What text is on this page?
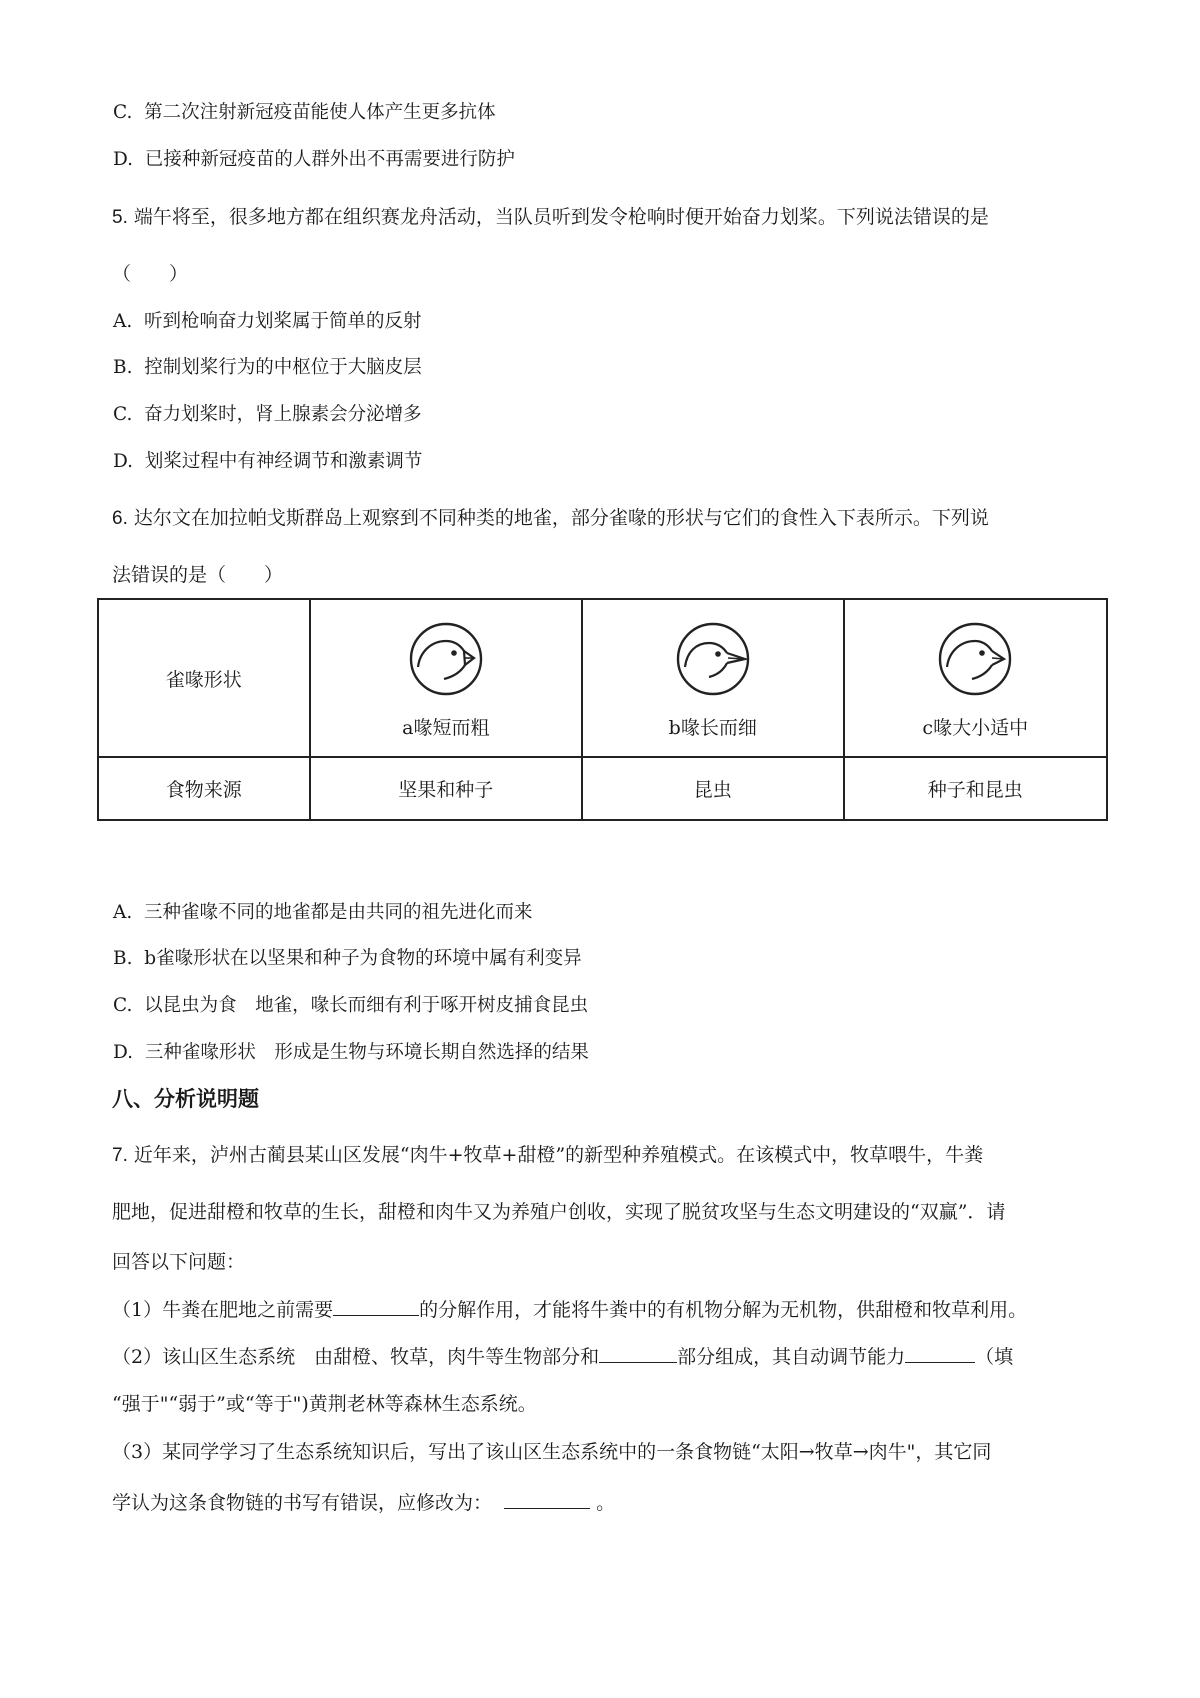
C. 第二次注射新冠疫苗能使人体产生更多抗体
D. 已接种新冠疫苗的人群外出不再需要进行防护
5. 端午将至，很多地方都在组织赛龙舟活动，当队员听到发令枪响时便开始奋力划桨。下列说法错误的是
（　　）
A. 听到枪响奋力划桨属于简单的反射
B. 控制划桨行为的中枢位于大脑皮层
C. 奋力划桨时，肾上腺素会分泌增多
D. 划桨过程中有神经调节和激素调节
6. 达尔文在加拉帕戈斯群岛上观察到不同种类的地雀，部分雀喙的形状与它们的食性入下表所示。下列说
法错误的是（　　）
雀喙形状	a喙短而粗	b喙长而细	c喙大小适中

食物来源	坚果和种子	昆虫	种子和昆虫
A. 三种雀喙不同的地雀都是由共同的祖先进化而来
B. b雀喙形状在以坚果和种子为食物的环境中属有利变异
C. 以昆虫为食　地雀，喙长而细有利于啄开树皮捕食昆虫
D. 三种雀喙形状　形成是生物与环境长期自然选择的结果
八、分析说明题
7. 近年来，泸州古蔺县某山区发展“肉牛+牧草+甜橙”的新型种养殖模式。在该模式中，牧草喂牛，牛粪
肥地，促进甜橙和牧草的生长，甜橙和肉牛又为养殖户创收，实现了脱贫攻坚与生态文明建设的“双赢”．请
回答以下问题：
（1）牛粪在肥地之前需要	的分解作用，才能将牛粪中的有机物分解为无机物，供甜橙和牧草利用。
（2）该山区生态系统　由甜橙、牧草，肉牛等生物部分和	部分组成，其自动调节能力	（填
“强于"“弱于”或“等于")黄荆老林等森林生态系统。
（3）某同学学习了生态系统知识后，写出了该山区生态系统中的一条食物链“太阳→牧草→肉牛"，其它同
学认为这条食物链的书写有错误，应修改为：	。
